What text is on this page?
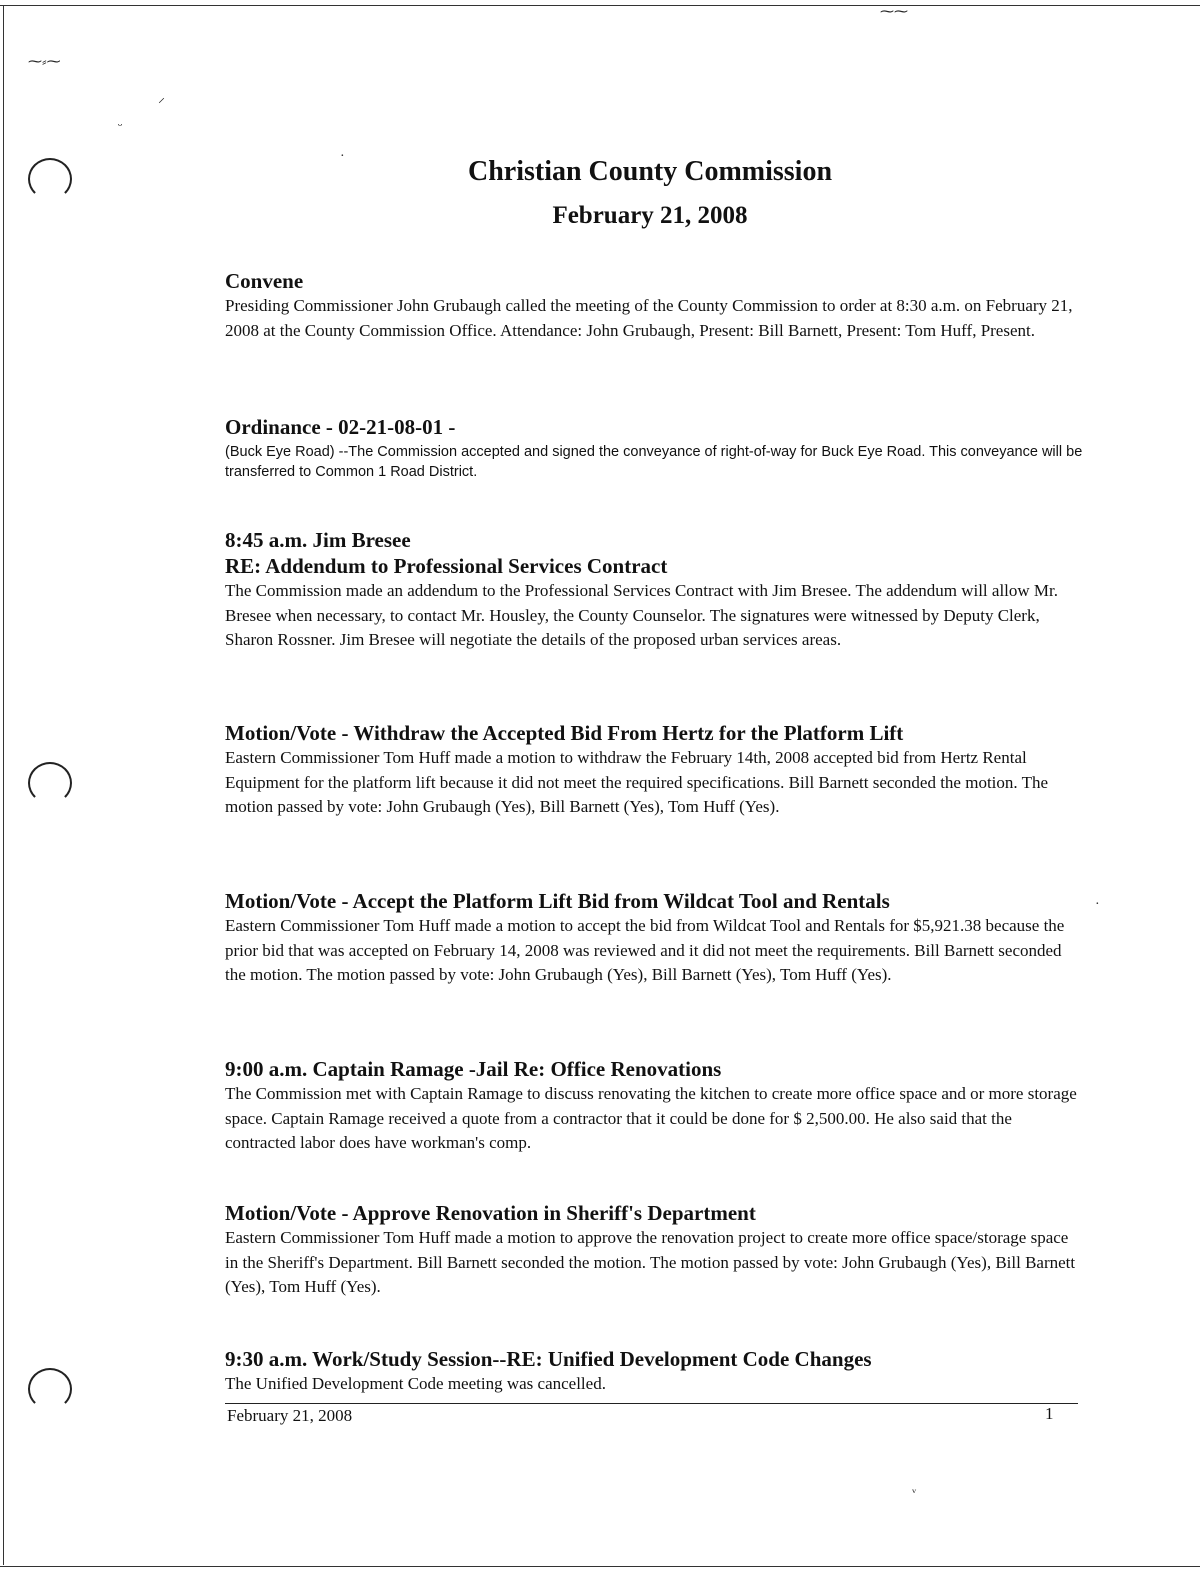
⁓⸗⁓
⸝
ᵕ
·
·
ᵥ
⁓⁓
Christian County Commission
February 21, 2008
Convene

Presiding Commissioner John Grubaugh called the meeting of the County Commission to order at 8:30 a.m. on February 21, 2008 at the County Commission Office. Attendance: John Grubaugh, Present: Bill Barnett, Present: Tom Huff, Present.

Ordinance - 02-21-08-01 -

(Buck Eye Road) --The Commission accepted and signed the conveyance of right-of-way for Buck Eye Road. This conveyance will be transferred to Common 1 Road District.

8:45 a.m. Jim Bresee
RE: Addendum to Professional Services Contract

The Commission made an addendum to the Professional Services Contract with Jim Bresee. The addendum will allow Mr. Bresee when necessary, to contact Mr. Housley, the County Counselor. The signatures were witnessed by Deputy Clerk, Sharon Rossner. Jim Bresee will negotiate the details of the proposed urban services areas.

Motion/Vote - Withdraw the Accepted Bid From Hertz for the Platform Lift

Eastern Commissioner Tom Huff made a motion to withdraw the February 14th, 2008 accepted bid from Hertz Rental Equipment for the platform lift because it did not meet the required specifications. Bill Barnett seconded the motion. The motion passed by vote: John Grubaugh (Yes), Bill Barnett (Yes), Tom Huff (Yes).

Motion/Vote - Accept the Platform Lift Bid from Wildcat Tool and Rentals

Eastern Commissioner Tom Huff made a motion to accept the bid from Wildcat Tool and Rentals for $5,921.38 because the prior bid that was accepted on February 14, 2008 was reviewed and it did not meet the requirements. Bill Barnett seconded the motion. The motion passed by vote: John Grubaugh (Yes), Bill Barnett (Yes), Tom Huff (Yes).

9:00 a.m. Captain Ramage -Jail Re: Office Renovations

The Commission met with Captain Ramage to discuss renovating the kitchen to create more office space and or more storage space. Captain Ramage received a quote from a contractor that it could be done for $ 2,500.00. He also said that the contracted labor does have workman's comp.

Motion/Vote - Approve Renovation in Sheriff's Department

Eastern Commissioner Tom Huff made a motion to approve the renovation project to create more office space/storage space in the Sheriff's Department. Bill Barnett seconded the motion. The motion passed by vote: John Grubaugh (Yes), Bill Barnett (Yes), Tom Huff (Yes).

9:30 a.m. Work/Study Session--RE: Unified Development Code Changes

The Unified Development Code meeting was cancelled.

February 21, 2008	1
